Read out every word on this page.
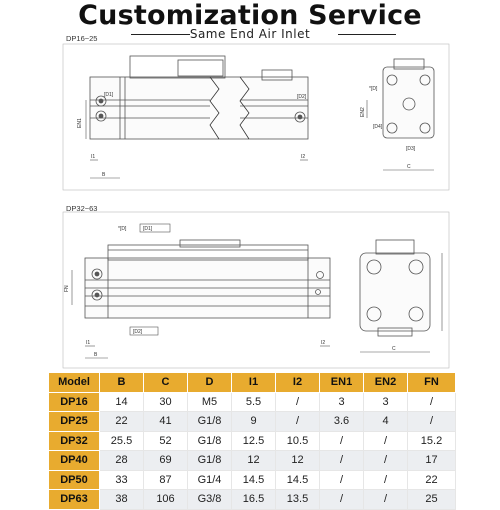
Customization Service
Same End Air Inlet
DP16~25
[D1]	[D2]
[D3]
[D4]
*[D]
EN1
EN2
I1	I2
B
C
DP32~63
[D1]
[D2]
*[D]
FN
I1	I2
B
C
Model	B	C	D	I1	I2	EN1	EN2	FN
DP16	14	30	M5	5.5	/	3	3	/
DP25	22	41	G1/8	9	/	3.6	4	/
DP32	25.5	52	G1/8	12.5	10.5	/	/	15.2
DP40	28	69	G1/8	12	12	/	/	17
DP50	33	87	G1/4	14.5	14.5	/	/	22
DP63	38	106	G3/8	16.5	13.5	/	/	25
